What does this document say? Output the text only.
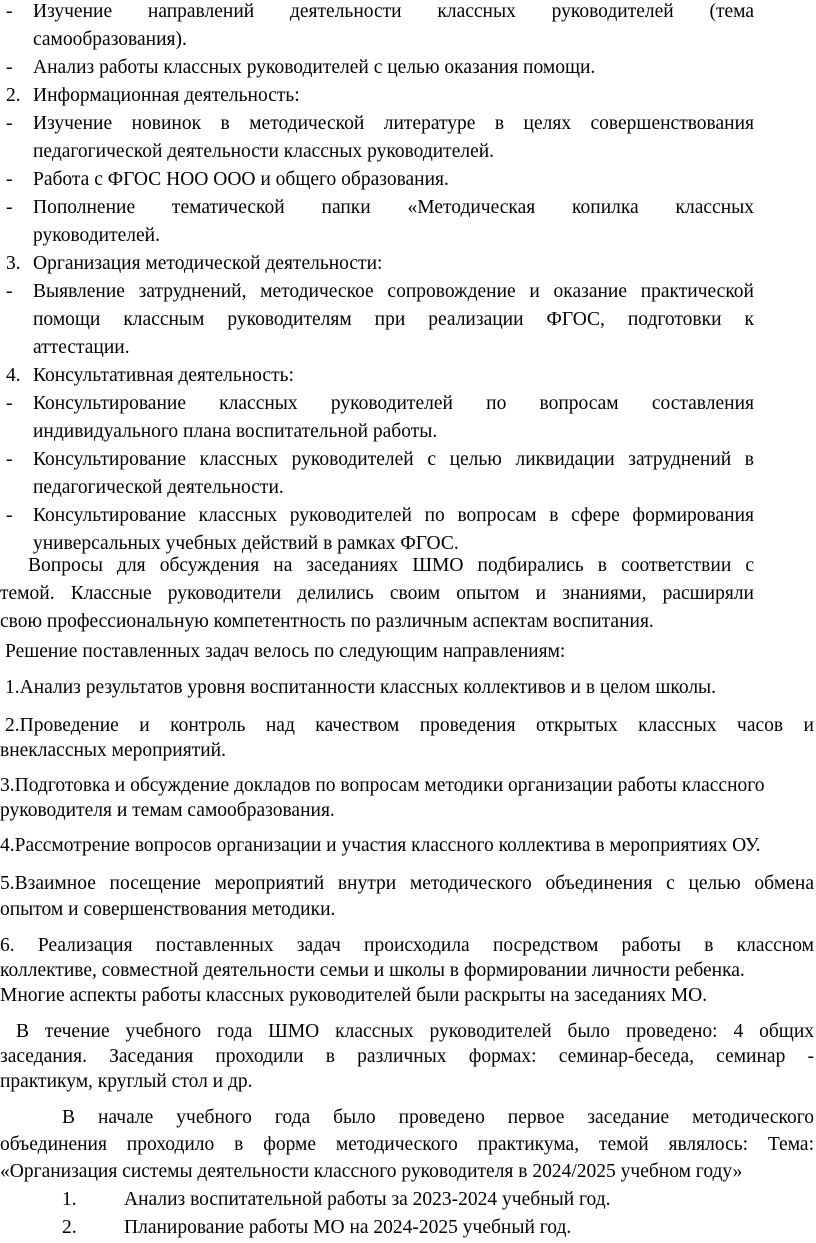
-	Изучение направлений деятельности классных руководителей (тема
самообразования).
-	Анализ работы классных руководителей с целью оказания помощи.
2. Информационная деятельность:
-	Изучение новинок в методической литературе в целях совершенствования
педагогической деятельности классных руководителей.
-	Работа с ФГОС НОО ООО и общего образования.
-	Пополнение тематической папки «Методическая копилка классных
руководителей.
3. Организация методической деятельности:
-	Выявление затруднений, методическое сопровождение и оказание практической
помощи классным руководителям при реализации ФГОС, подготовки к
аттестации.
4. Консультативная деятельность:
-	Консультирование классных руководителей по вопросам составления
индивидуального плана воспитательной работы.
-	Консультирование классных руководителей с целью ликвидации затруднений в
педагогической деятельности.
-	Консультирование классных руководителей по вопросам в сфере формирования
универсальных учебных действий в рамках ФГОС.
Вопросы для обсуждения на заседаниях ШМО подбирались в соответствии с
темой. Классные руководители делились своим опытом и знаниями, расширяли
свою профессиональную компетентность по различным аспектам воспитания.
Решение поставленных задач велось по следующим направлениям:
1.Анализ результатов уровня воспитанности классных коллективов и в целом школы.
2.Проведение и контроль над качеством проведения открытых классных часов и
внеклассных мероприятий.
3.Подготовка и обсуждение докладов по вопросам методики организации работы классного
руководителя и темам самообразования.
4.Рассмотрение вопросов организации и участия классного коллектива в мероприятиях ОУ.
5.Взаимное посещение мероприятий внутри методического объединения с целью обмена
опытом и совершенствования методики.
6. Реализация поставленных задач происходила посредством работы в классном
коллективе, совместной деятельности семьи и школы в формировании личности ребенка.
Многие аспекты работы классных руководителей были раскрыты на заседаниях МО.
В течение учебного года ШМО классных руководителей было проведено: 4 общих
заседания. Заседания проходили в различных формах: семинар-беседа, семинар -
практикум, круглый стол и др.
В начале учебного года было проведено первое заседание методического
объединения проходило в форме методического практикума, темой являлось: Тема:
«Организация системы деятельности классного руководителя в 2024/2025 учебном году»
1.	Анализ воспитательной работы за 2023-2024 учебный год.
2.	Планирование работы МО на 2024-2025 учебный год.
